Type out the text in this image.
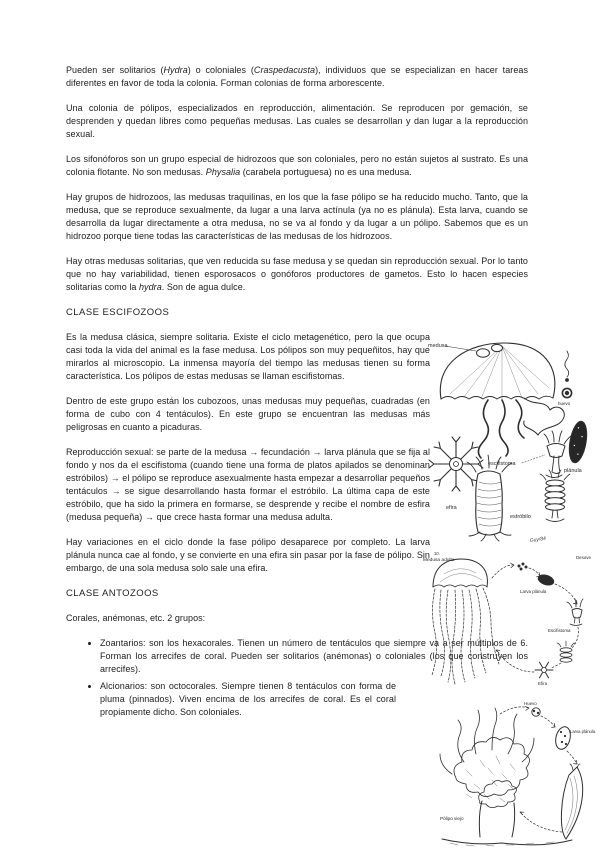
Pueden ser solitarios (Hydra) o coloniales (Craspedacusta), individuos que se especializan en hacer tareas diferentes en favor de toda la colonia. Forman colonias de forma arborescente.

Una colonia de pólipos, especializados en reproducción, alimentación. Se reproducen por gemación, se desprenden y quedan libres como pequeñas medusas. Las cuales se desarrollan y dan lugar a la reproducción sexual.

Los sifonóforos son un grupo especial de hidrozoos que son coloniales, pero no están sujetos al sustrato. Es una colonia flotante. No son medusas. Physalia (carabela portuguesa) no es una medusa.

Hay grupos de hidrozoos, las medusas traquilinas, en los que la fase pólipo se ha reducido mucho. Tanto, que la medusa, que se reproduce sexualmente, da lugar a una larva actínula (ya no es plánula). Esta larva, cuando se desarrolla da lugar directamente a otra medusa, no se va al fondo y da lugar a un pólipo. Sabemos que es un hidrozoo porque tiene todas las características de las medusas de los hidrozoos.

Hay otras medusas solitarias, que ven reducida su fase medusa y se quedan sin reproducción sexual. Por lo tanto que no hay variabilidad, tienen esporosacos o gonóforos productores de gametos. Esto lo hacen especies solitarias como la hydra. Son de agua dulce.

CLASE ESCIFOZOOS

Es la medusa clásica, siempre solitaria. Existe el ciclo metagenético, pero la que ocupa casi toda la vida del animal es la fase medusa. Los pólipos son muy pequeñitos, hay que mirarlos al microscopio. La inmensa mayoría del tiempo las medusas tienen su forma característica. Los pólipos de estas medusas se llaman escifistomas.

Dentro de este grupo están los cubozoos, unas medusas muy pequeñas, cuadradas (en forma de cubo con 4 tentáculos). En este grupo se encuentran las medusas más peligrosas en cuanto a picaduras.

Reproducción sexual: se parte de la medusa → fecundación → larva plánula que se fija al fondo y nos da el escifistoma (cuando tiene una forma de platos apilados se denominan estróbilos) → el pólipo se reproduce asexualmente hasta empezar a desarrollar pequeños tentáculos → se sigue desarrollando hasta formar el estróbilo. La última capa de este estróbilo, que ha sido la primera en formarse, se desprende y recibe el nombre de esfira (medusa pequeña) → que crece hasta formar una medusa adulta.

Hay variaciones en el ciclo donde la fase pólipo desaparece por completo. La larva plánula nunca cae al fondo, y se convierte en una efira sin pasar por la fase de pólipo. Sin embargo, de una sola medusa solo sale una efira.

CLASE ANTOZOOS

Corales, anémonas, etc. 2 grupos:

• Zoantarios: son los hexacorales. Tienen un número de tentáculos que siempre va a ser múltiplos de 6. Forman los arrecifes de coral. Pueden ser solitarios (anémonas) o coloniales (los que construyen los arrecifes).
• Alcionarios: son octocorales. Siempre tienen 8 tentáculos con forma de pluma (pinnados). Viven encima de los arrecifes de coral. Es el coral propiamente dicho. Son coloniales.
medusa
huevo
plánula
efira
escifistoma
estróbilo
Guy/84
10.
Medusa adulta
Desove
Larva plánula
Escifistoma
Efira
Huevo
Larva plánula
Pólipo viejo
